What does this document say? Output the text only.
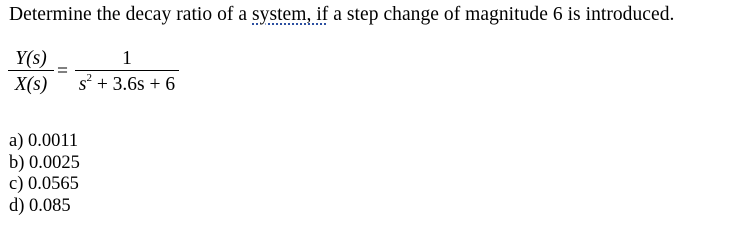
Determine the decay ratio of a system, if a step change of magnitude 6 is introduced.
Y(s)
X(s)
=
1
$s^2 + 3.6s + 6$
a) 0.0011
b) 0.0025
c) 0.0565
d) 0.085
